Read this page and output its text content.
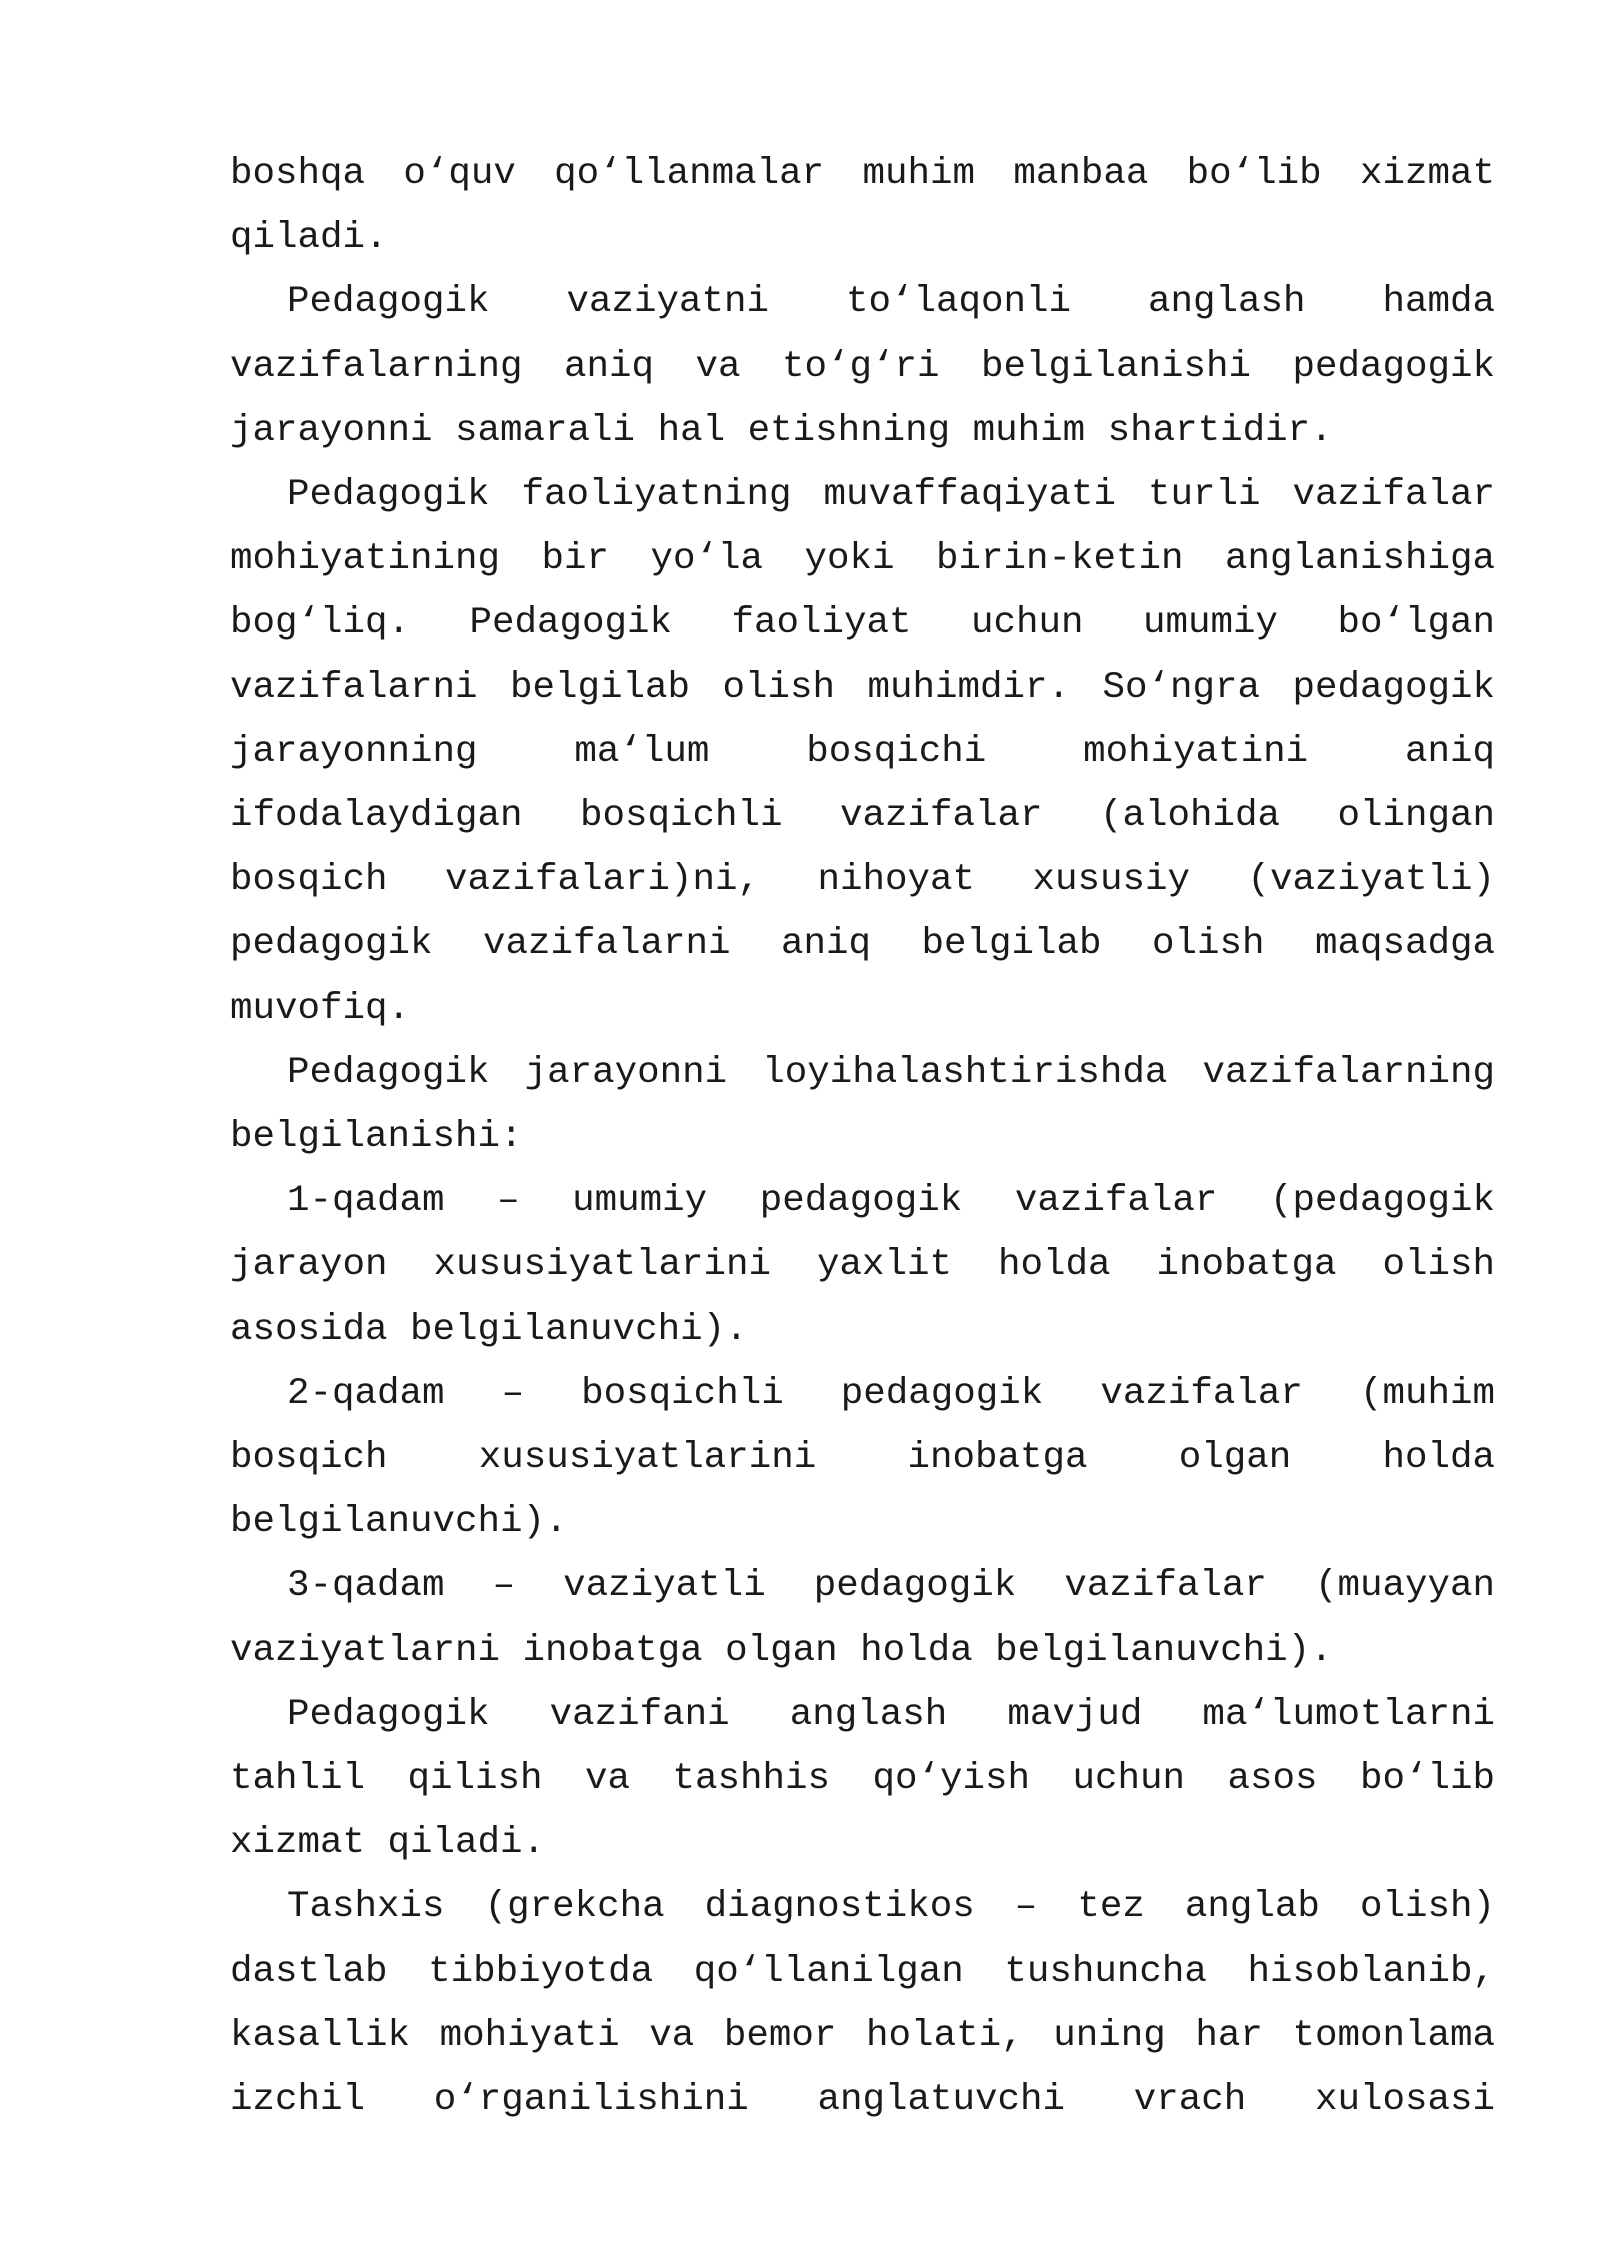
boshqa o‘quv qo‘llanmalar muhim manbaa bo‘lib xizmat qiladi.

Pedagogik vaziyatni to‘laqonli anglash hamda vazifalarning aniq va to‘g‘ri belgilanishi pedagogik jarayonni samarali hal etishning muhim shartidir.

Pedagogik faoliyatning muvaffaqiyati turli vazifalar mohiyatining bir yo‘la yoki birin-ketin anglanishiga bog‘liq. Pedagogik faoliyat uchun umumiy bo‘lgan vazifalarni belgilab olish muhimdir. So‘ngra pedagogik jarayonning ma‘lum bosqichi mohiyatini aniq ifodalaydigan bosqichli vazifalar (alohida olingan bosqich vazifalari)ni, nihoyat xususiy (vaziyatli) pedagogik vazifalarni aniq belgilab olish maqsadga muvofiq.

Pedagogik jarayonni loyihalashtirishda vazifalarning belgilanishi:

1-qadam – umumiy pedagogik vazifalar (pedagogik jarayon xususiyatlarini yaxlit holda inobatga olish asosida belgilanuvchi).

2-qadam – bosqichli pedagogik vazifalar (muhim bosqich xususiyatlarini inobatga olgan holda belgilanuvchi).

3-qadam – vaziyatli pedagogik vazifalar (muayyan vaziyatlarni inobatga olgan holda belgilanuvchi).

Pedagogik vazifani anglash mavjud ma‘lumotlarni tahlil qilish va tashhis qo‘yish uchun asos bo‘lib xizmat qiladi.

Tashxis (grekcha diagnostikos – tez anglab olish) dastlab tibbiyotda qo‘llanilgan tushuncha hisoblanib, kasallik mohiyati va bemor holati, uning har tomonlama izchil o‘rganilishini anglatuvchi vrach xulosasi
